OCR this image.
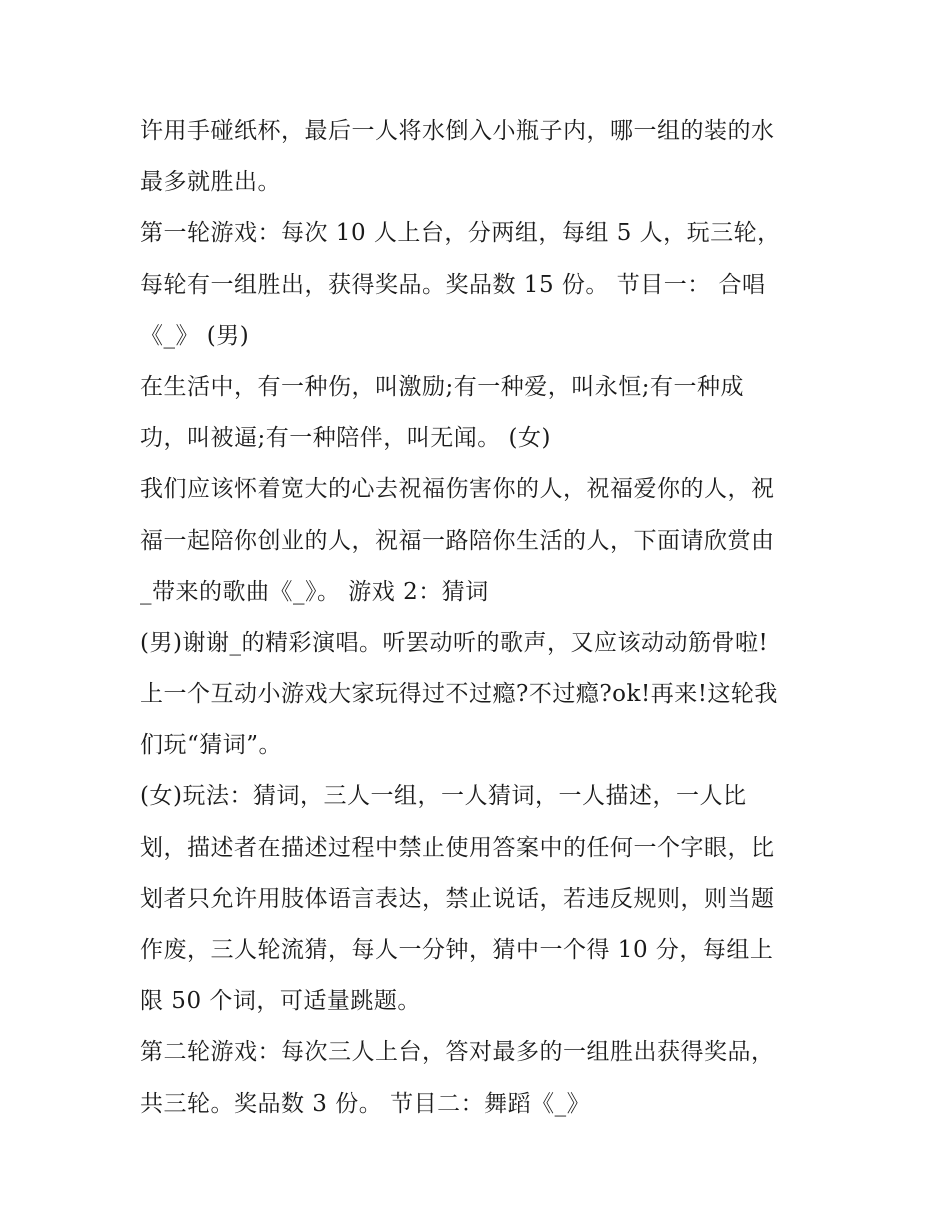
许用手碰纸杯，最后一人将水倒入小瓶子内，哪一组的装的水
最多就胜出。
第一轮游戏：每次 10 人上台，分两组，每组 5 人，玩三轮，
每轮有一组胜出，获得奖品。奖品数 15 份。 节目一： 合唱
《_》 (男)
在生活中，有一种伤，叫激励;有一种爱，叫永恒;有一种成
功，叫被逼;有一种陪伴，叫无闻。 (女)
我们应该怀着宽大的心去祝福伤害你的人，祝福爱你的人，祝
福一起陪你创业的人，祝福一路陪你生活的人，下面请欣赏由
_带来的歌曲《_》。 游戏 2：猜词
(男)谢谢_的精彩演唱。听罢动听的歌声，又应该动动筋骨啦!
上一个互动小游戏大家玩得过不过瘾?不过瘾?ok!再来!这轮我
们玩“猜词”。
(女)玩法：猜词，三人一组，一人猜词，一人描述，一人比
划，描述者在描述过程中禁止使用答案中的任何一个字眼，比
划者只允许用肢体语言表达，禁止说话，若违反规则，则当题
作废，三人轮流猜，每人一分钟，猜中一个得 10 分，每组上
限 50 个词，可适量跳题。
第二轮游戏：每次三人上台，答对最多的一组胜出获得奖品，
共三轮。奖品数 3 份。 节目二：舞蹈《_》
